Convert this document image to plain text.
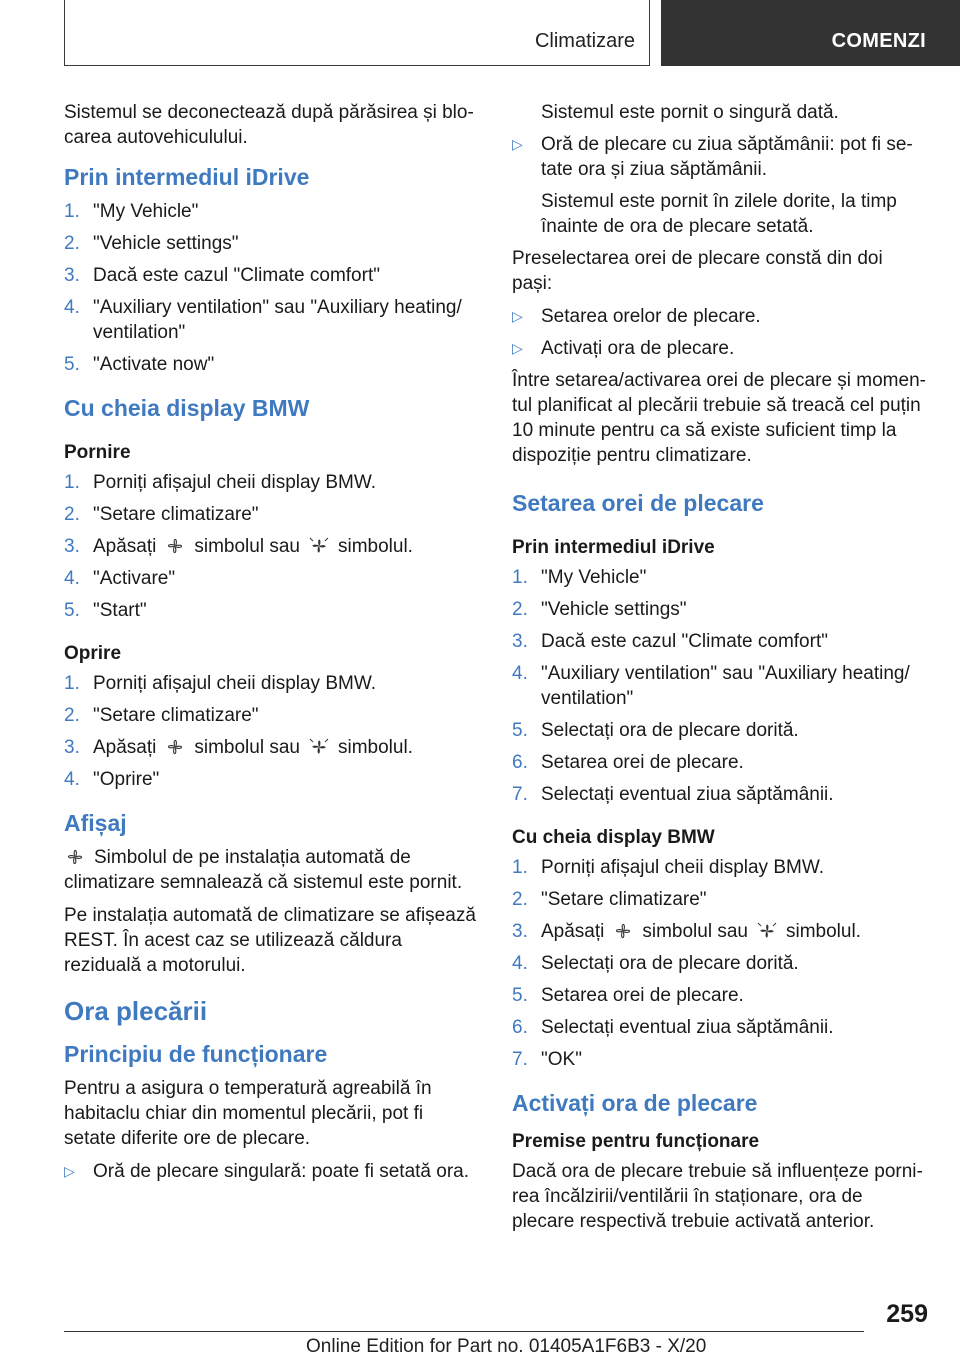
Climatizare	COMENZI

Sistemul se deconectează după părăsirea și blocarea autovehiculului.

Prin intermediul iDrive
1. "My Vehicle"
2. "Vehicle settings"
3. Dacă este cazul "Climate comfort"
4. "Auxiliary ventilation" sau "Auxiliary heating/ ventilation"
5. "Activate now"
Cu cheia display BMW
Pornire
1. Porniți afișajul cheii display BMW.
2. "Setare climatizare"
3. Apăsați simbolul sau simbolul.
4. "Activare"
5. "Start"
Oprire
1. Porniți afișajul cheii display BMW.
2. "Setare climatizare"
3. Apăsați simbolul sau simbolul.
4. "Oprire"
Afișaj

Simbolul de pe instalația automată de climatizare semnalează că sistemul este pornit.

Pe instalația automată de climatizare se afișează REST. În acest caz se utilizează căldura reziduală a motorului.

Ora plecării
Principiu de funcționare

Pentru a asigura o temperatură agreabilă în habitaclu chiar din momentul plecării, pot fi setate diferite ore de plecare.

▷ Oră de plecare singulară: poate fi setată ora.

Sistemul este pornit o singură dată.

▷ Oră de plecare cu ziua săptămânii: pot fi setate ora și ziua săptămânii.

Sistemul este pornit în zilele dorite, la timp înainte de ora de plecare setată.

Preselectarea orei de plecare constă din doi pași:

▷ Setarea orelor de plecare.
▷ Activați ora de plecare.

Între setarea/activarea orei de plecare și momentul planificat al plecării trebuie să treacă cel puțin 10 minute pentru ca să existe suficient timp la dispoziție pentru climatizare.

Setarea orei de plecare
Prin intermediul iDrive
1. "My Vehicle"
2. "Vehicle settings"
3. Dacă este cazul "Climate comfort"
4. "Auxiliary ventilation" sau "Auxiliary heating/ ventilation"
5. Selectați ora de plecare dorită.
6. Setarea orei de plecare.
7. Selectați eventual ziua săptămânii.
Cu cheia display BMW
1. Porniți afișajul cheii display BMW.
2. "Setare climatizare"
3. Apăsați simbolul sau simbolul.
4. Selectați ora de plecare dorită.
5. Setarea orei de plecare.
6. Selectați eventual ziua săptămânii.
7. "OK"
Activați ora de plecare
Premise pentru funcționare

Dacă ora de plecare trebuie să influențeze pornirea încălzirii/ventilării în staționare, ora de plecare respectivă trebuie activată anterior.

259
Online Edition for Part no. 01405A1F6B3 - X/20
